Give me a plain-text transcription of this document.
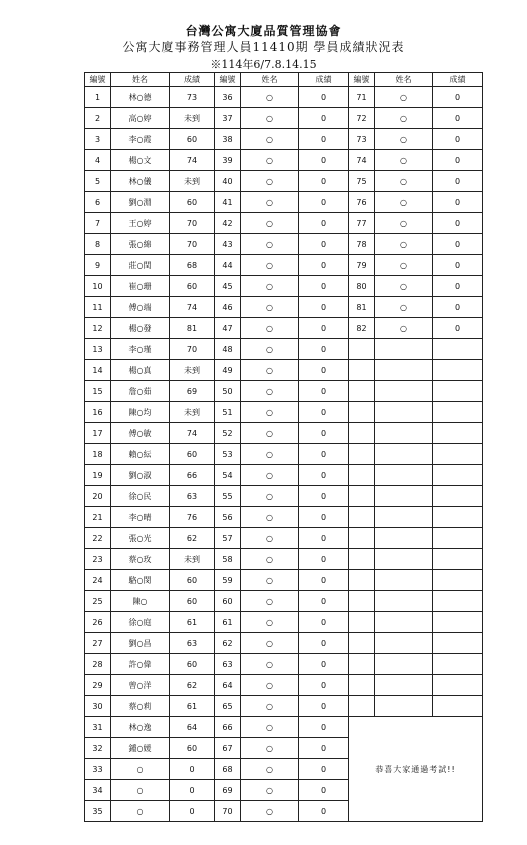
台灣公寓大廈品質管理協會
公寓大廈事務管理人員11410期 學員成績狀況表
※114年6/7.8.14.15
編號	姓名	成績	編號	姓名	成績	編號	姓名	成績
1	林○德	73	36	○	0	71	○	0
2	高○婷	未到	37	○	0	72	○	0
3	李○霞	60	38	○	0	73	○	0
4	楊○文	74	39	○	0	74	○	0
5	林○儀	未到	40	○	0	75	○	0
6	劉○淵	60	41	○	0	76	○	0
7	王○婷	70	42	○	0	77	○	0
8	張○綿	70	43	○	0	78	○	0
9	莊○閏	68	44	○	0	79	○	0
10	崔○珊	60	45	○	0	80	○	0
11	傅○端	74	46	○	0	81	○	0
12	楊○發	81	47	○	0	82	○	0
13	李○瑾	70	48	○	0			
14	楊○真	未到	49	○	0			
15	詹○茹	69	50	○	0			
16	陳○均	未到	51	○	0			
17	傅○敏	74	52	○	0			
18	賴○紜	60	53	○	0			
19	劉○淑	66	54	○	0			
20	徐○民	63	55	○	0			
21	李○晴	76	56	○	0			
22	張○光	62	57	○	0			
23	蔡○玫	未到	58	○	0			
24	駱○閔	60	59	○	0			
25	陳○	60	60	○	0			
26	徐○庭	61	61	○	0			
27	劉○昌	63	62	○	0			
28	許○偉	60	63	○	0			
29	曾○洋	62	64	○	0			
30	蔡○莉	61	65	○	0			
31	林○逸	64	66	○	0	恭喜大家通過考試!!		
32	鍾○媛	60	67	○	0			
33	○	0	68	○	0			
34	○	0	69	○	0			
35	○	0	70	○	0			
